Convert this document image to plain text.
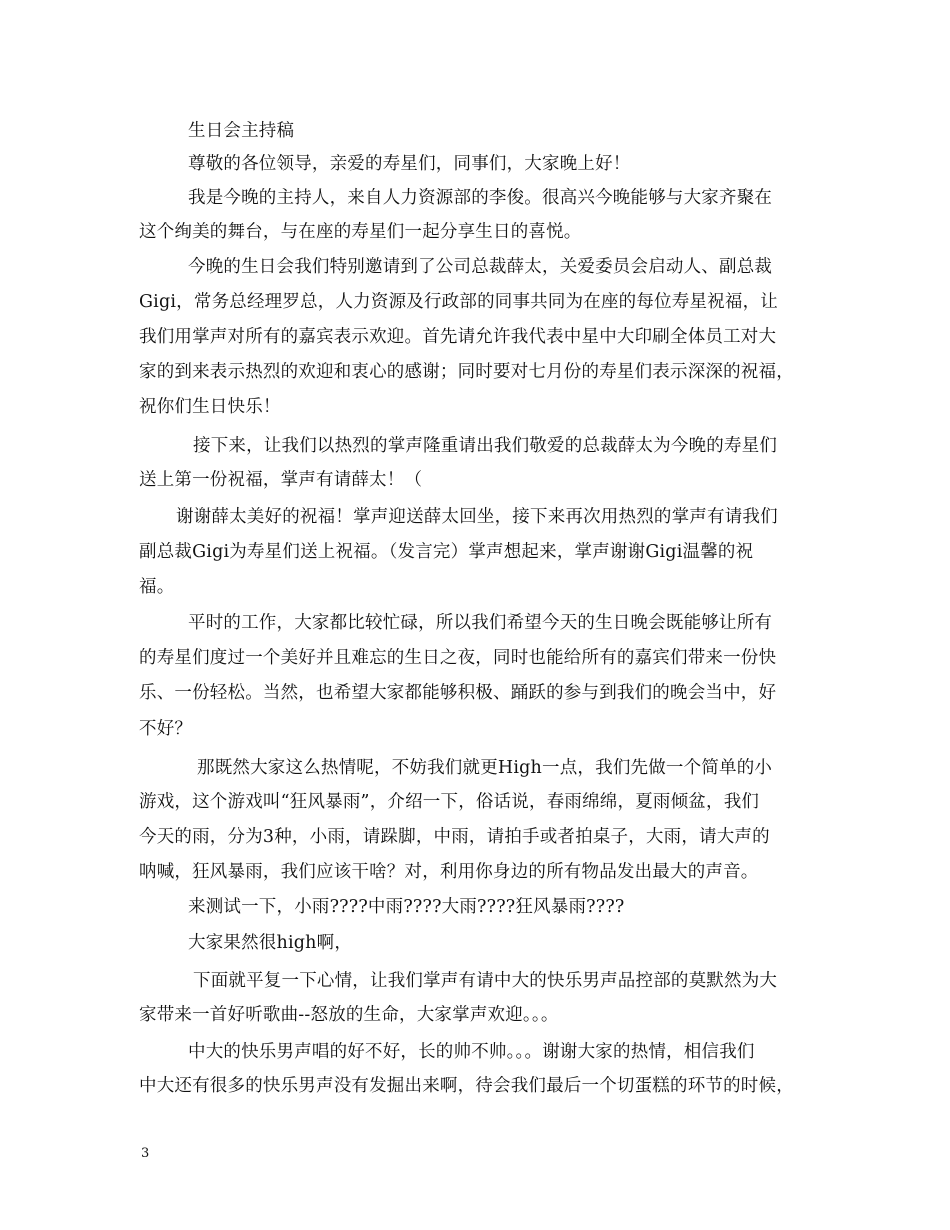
生日会主持稿
尊敬的各位领导，亲爱的寿星们，同事们，大家晚上好！
我是今晚的主持人，来自人力资源部的李俊。很高兴今晚能够与大家齐聚在
这个绚美的舞台，与在座的寿星们一起分享生日的喜悦。
今晚的生日会我们特别邀请到了公司总裁薛太，关爱委员会启动人、副总裁
Gigi，常务总经理罗总，人力资源及行政部的同事共同为在座的每位寿星祝福，让
我们用掌声对所有的嘉宾表示欢迎。首先请允许我代表中星中大印刷全体员工对大
家的到来表示热烈的欢迎和衷心的感谢；同时要对七月份的寿星们表示深深的祝福，
祝你们生日快乐！
接下来，让我们以热烈的掌声隆重请出我们敬爱的总裁薛太为今晚的寿星们
送上第一份祝福，掌声有请薛太！（
谢谢薛太美好的祝福！掌声迎送薛太回坐，接下来再次用热烈的掌声有请我们
副总裁Gigi为寿星们送上祝福。（发言完）掌声想起来，掌声谢谢Gigi温馨的祝
福。
平时的工作，大家都比较忙碌，所以我们希望今天的生日晚会既能够让所有
的寿星们度过一个美好并且难忘的生日之夜，同时也能给所有的嘉宾们带来一份快
乐、一份轻松。当然，也希望大家都能够积极、踊跃的参与到我们的晚会当中，好
不好？
那既然大家这么热情呢，不妨我们就更High一点，我们先做一个简单的小
游戏，这个游戏叫“狂风暴雨”，介绍一下，俗话说，春雨绵绵，夏雨倾盆，我们
今天的雨，分为3种，小雨，请跺脚，中雨，请拍手或者拍桌子，大雨，请大声的
呐喊，狂风暴雨，我们应该干啥？对，利用你身边的所有物品发出最大的声音。
来测试一下，小雨????中雨????大雨????狂风暴雨????
大家果然很high啊，
下面就平复一下心情，让我们掌声有请中大的快乐男声品控部的莫默然为大
家带来一首好听歌曲--怒放的生命，大家掌声欢迎。。。
中大的快乐男声唱的好不好，长的帅不帅。。。谢谢大家的热情，相信我们
中大还有很多的快乐男声没有发掘出来啊，待会我们最后一个切蛋糕的环节的时候，
3
